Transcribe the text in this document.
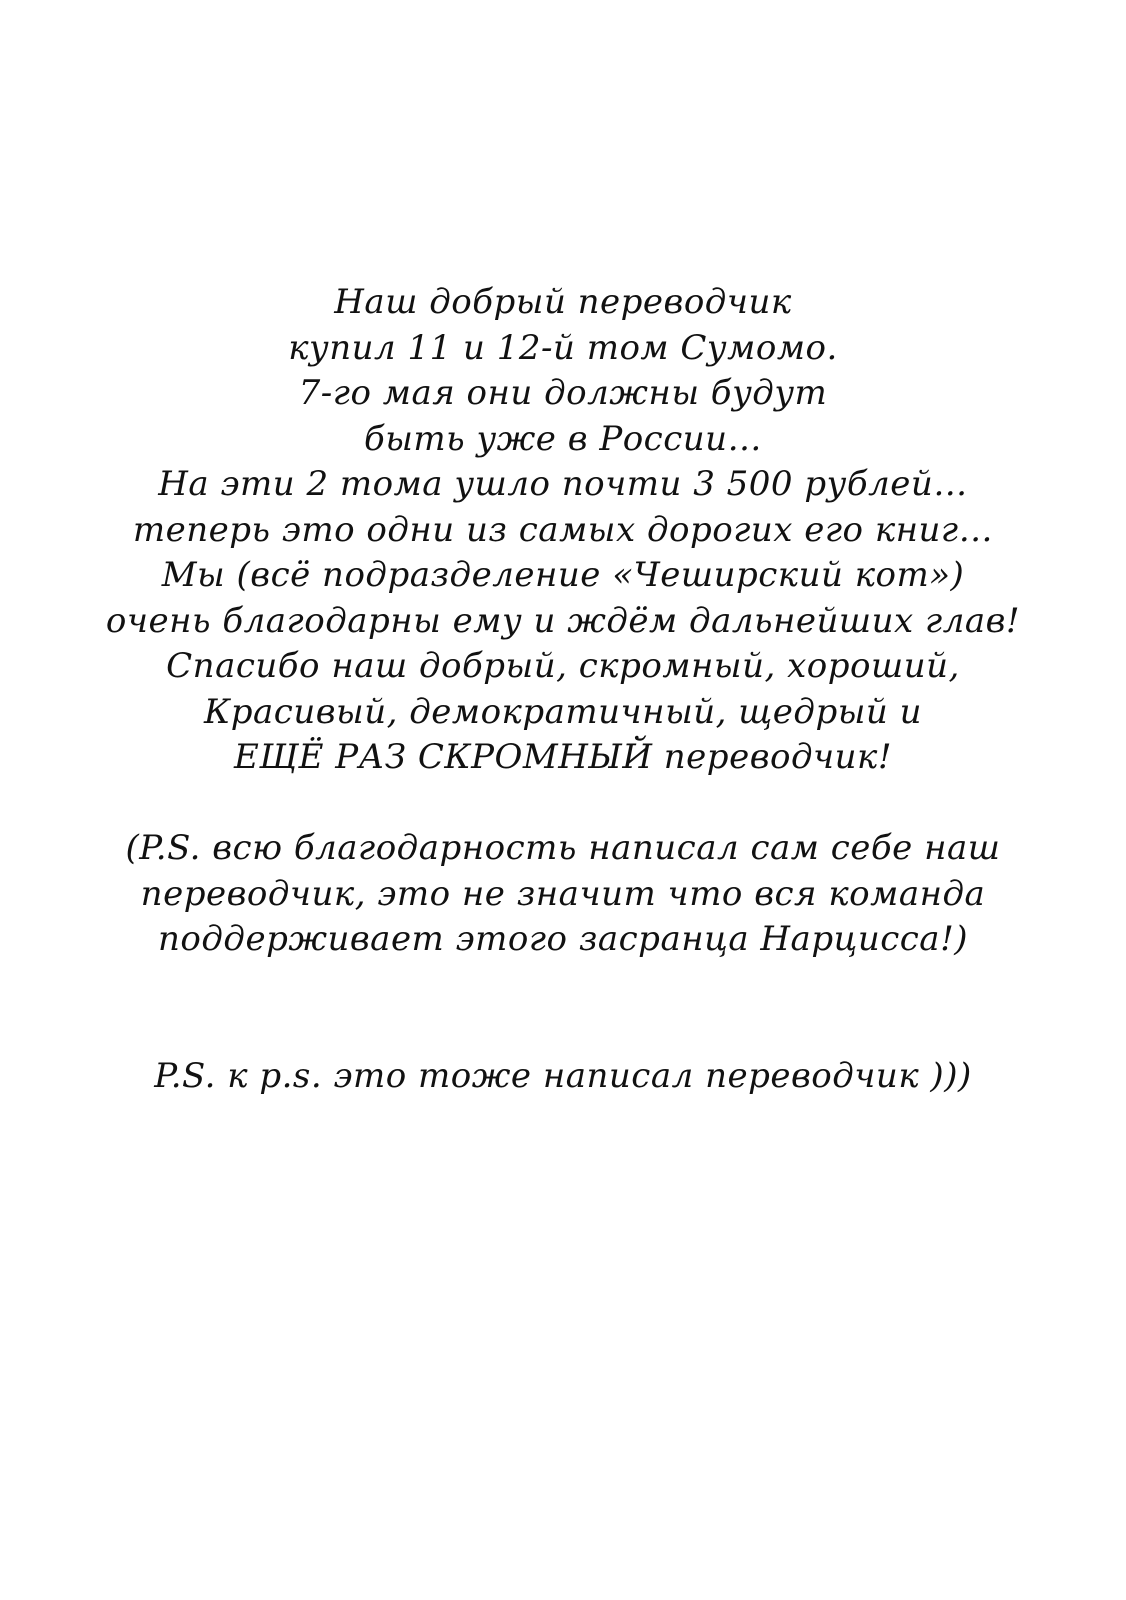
Наш добрый переводчик
купил 11 и 12-й том Сумомо.
7-го мая они должны будут
быть уже в России…
На эти 2 тома ушло почти 3 500 рублей…
теперь это одни из самых дорогих его книг…
Мы (всё подразделение «Чеширский кот»)
очень благодарны ему и ждём дальнейших глав!
Спасибо наш добрый, скромный, хороший,
Красивый, демократичный, щедрый и
ЕЩЁ РАЗ СКРОМНЫЙ переводчик!
(P.S. всю благодарность написал сам себе наш
переводчик, это не значит что вся команда
поддерживает этого засранца Нарцисса!)
P.S. к p.s. это тоже написал переводчик )))
